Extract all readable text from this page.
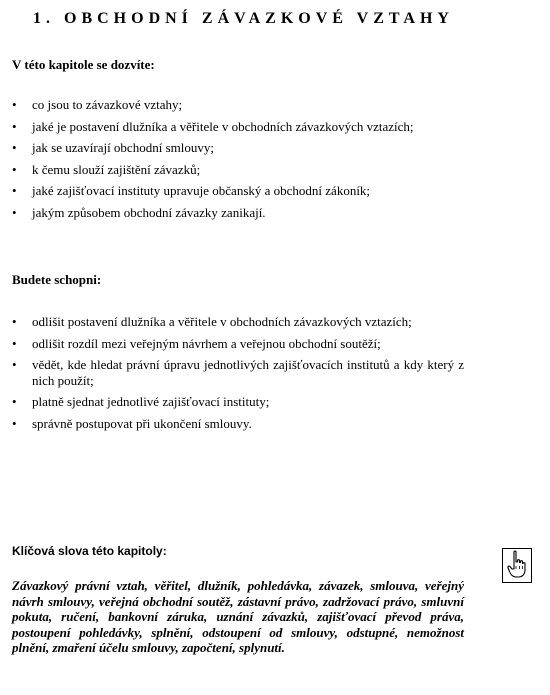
1. OBCHODNÍ ZÁVAZKOVÉ VZTAHY
V této kapitole se dozvíte:
• co jsou to závazkové vztahy;
• jaké je postavení dlužníka a věřitele v obchodních závazkových vztazích;
• jak se uzavírají obchodní smlouvy;
• k čemu slouží zajištění závazků;
• jaké zajišťovací instituty upravuje občanský a obchodní zákoník;
• jakým způsobem obchodní závazky zanikají.
Budete schopni:
• odlišit postavení dlužníka a věřitele v obchodních závazkových vztazích;
• odlišit rozdíl mezi veřejným návrhem a veřejnou obchodní soutěží;
• vědět, kde hledat právní úpravu jednotlivých zajišťovacích institutů a kdy který z nich použít;
• platně sjednat jednotlivé zajišťovací instituty;
• správně postupovat při ukončení smlouvy.
Klíčová slova této kapitoly:

Závazkový právní vztah, věřitel, dlužník, pohledávka, závazek, smlouva, veřejný návrh smlouvy, veřejná obchodní soutěž, zástavní právo, zadržovací právo, smluvní pokuta, ručení, bankovní záruka, uznání závazků, zajišťovací převod práva, postoupení pohledávky, splnění, odstoupení od smlouvy, odstupné, nemožnost plnění, zmaření účelu smlouvy, započtení, splynutí.
